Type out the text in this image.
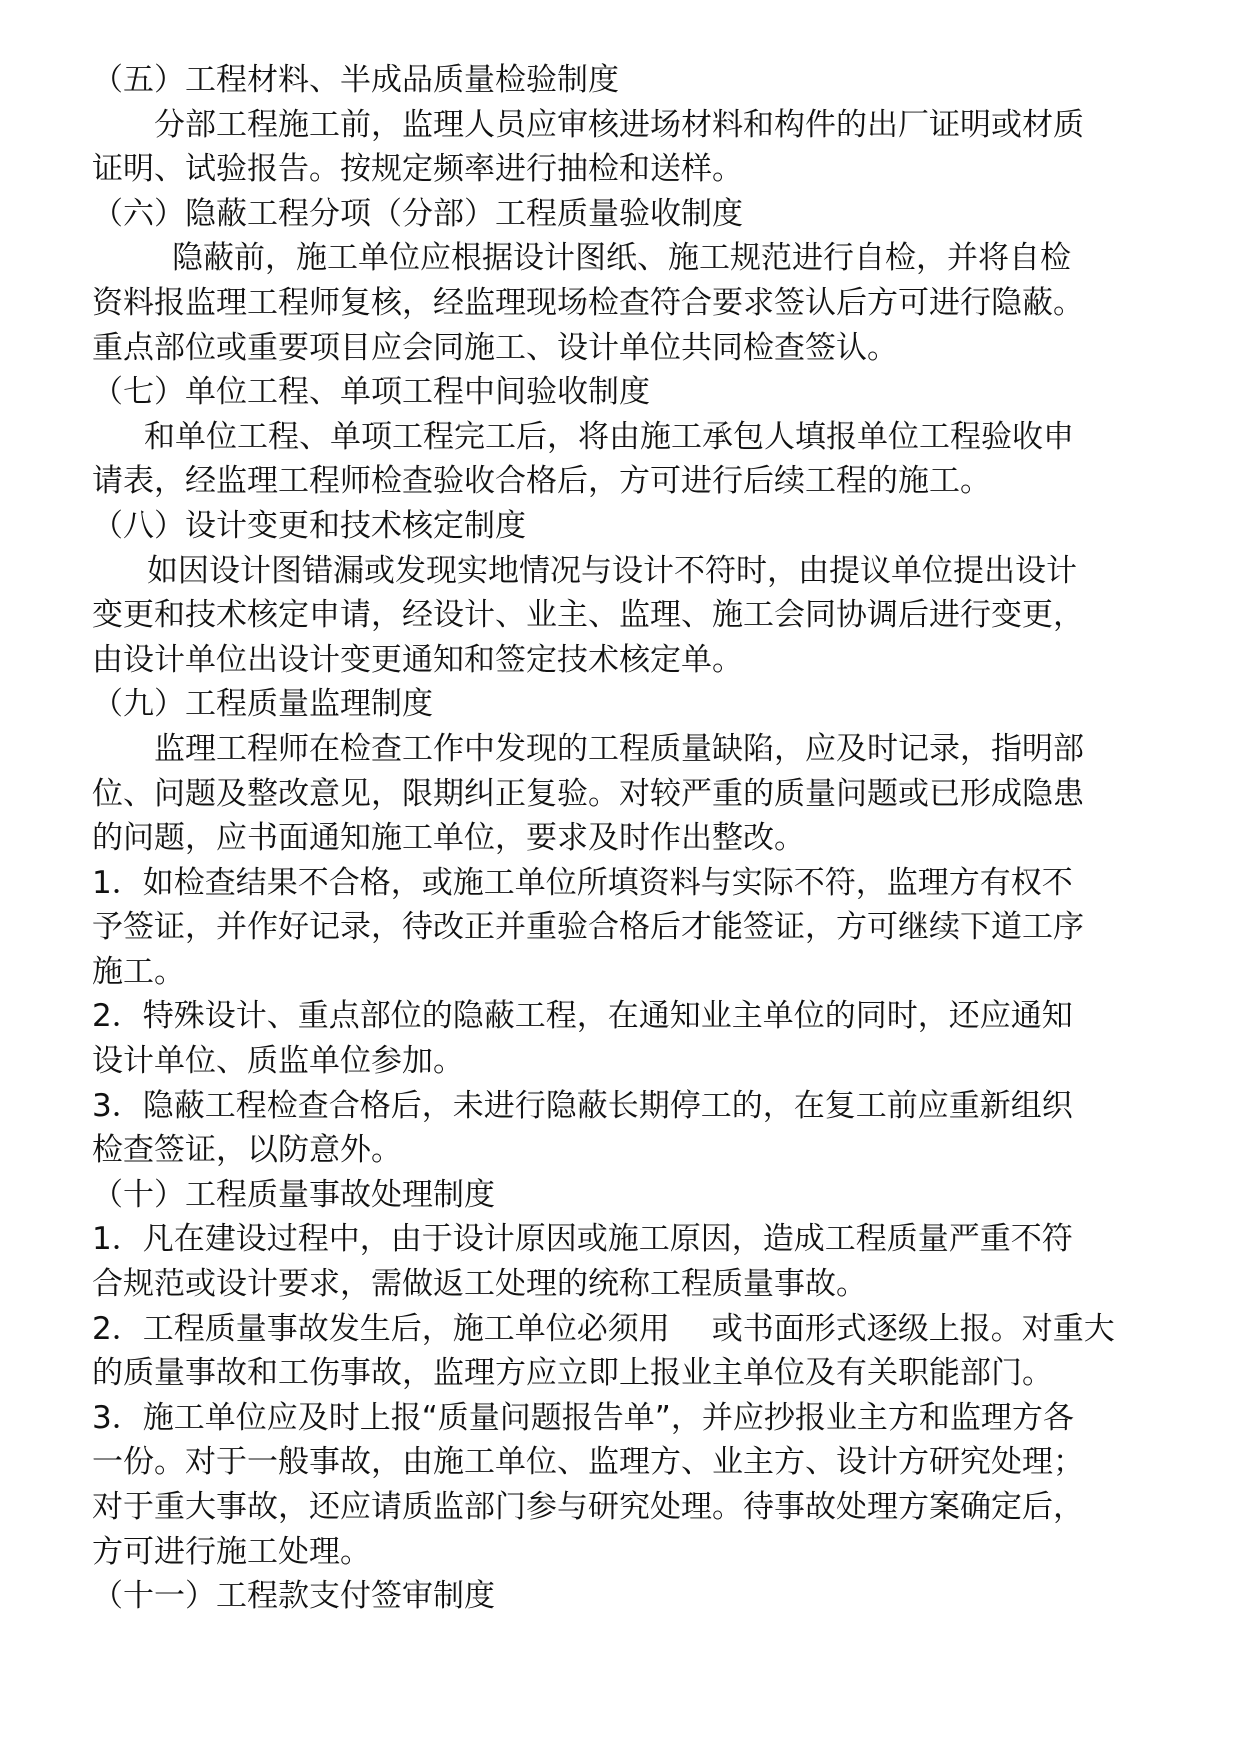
（五）工程材料、半成品质量检验制度
分部工程施工前，监理人员应审核进场材料和构件的出厂证明或材质
证明、试验报告。按规定频率进行抽检和送样。
（六）隐蔽工程分项（分部）工程质量验收制度
隐蔽前，施工单位应根据设计图纸、施工规范进行自检，并将自检
资料报监理工程师复核，经监理现场检查符合要求签认后方可进行隐蔽。
重点部位或重要项目应会同施工、设计单位共同检查签认。
（七）单位工程、单项工程中间验收制度
和单位工程、单项工程完工后，将由施工承包人填报单位工程验收申
请表，经监理工程师检查验收合格后，方可进行后续工程的施工。
（八）设计变更和技术核定制度
如因设计图错漏或发现实地情况与设计不符时，由提议单位提出设计
变更和技术核定申请，经设计、业主、监理、施工会同协调后进行变更，
由设计单位出设计变更通知和签定技术核定单。
（九）工程质量监理制度
监理工程师在检查工作中发现的工程质量缺陷，应及时记录，指明部
位、问题及整改意见，限期纠正复验。对较严重的质量问题或已形成隐患
的问题，应书面通知施工单位，要求及时作出整改。
1．如检查结果不合格，或施工单位所填资料与实际不符，监理方有权不
予签证，并作好记录，待改正并重验合格后才能签证，方可继续下道工序
施工。
2．特殊设计、重点部位的隐蔽工程，在通知业主单位的同时，还应通知
设计单位、质监单位参加。
3．隐蔽工程检查合格后，未进行隐蔽长期停工的，在复工前应重新组织
检查签证，以防意外。
（十）工程质量事故处理制度
1．凡在建设过程中，由于设计原因或施工原因，造成工程质量严重不符
合规范或设计要求，需做返工处理的统称工程质量事故。
2．工程质量事故发生后，施工单位必须用 或书面形式逐级上报。对重大
的质量事故和工伤事故，监理方应立即上报业主单位及有关职能部门。
3．施工单位应及时上报“质量问题报告单”，并应抄报业主方和监理方各
一份。对于一般事故，由施工单位、监理方、业主方、设计方研究处理；
对于重大事故，还应请质监部门参与研究处理。待事故处理方案确定后，
方可进行施工处理。
（十一）工程款支付签审制度
